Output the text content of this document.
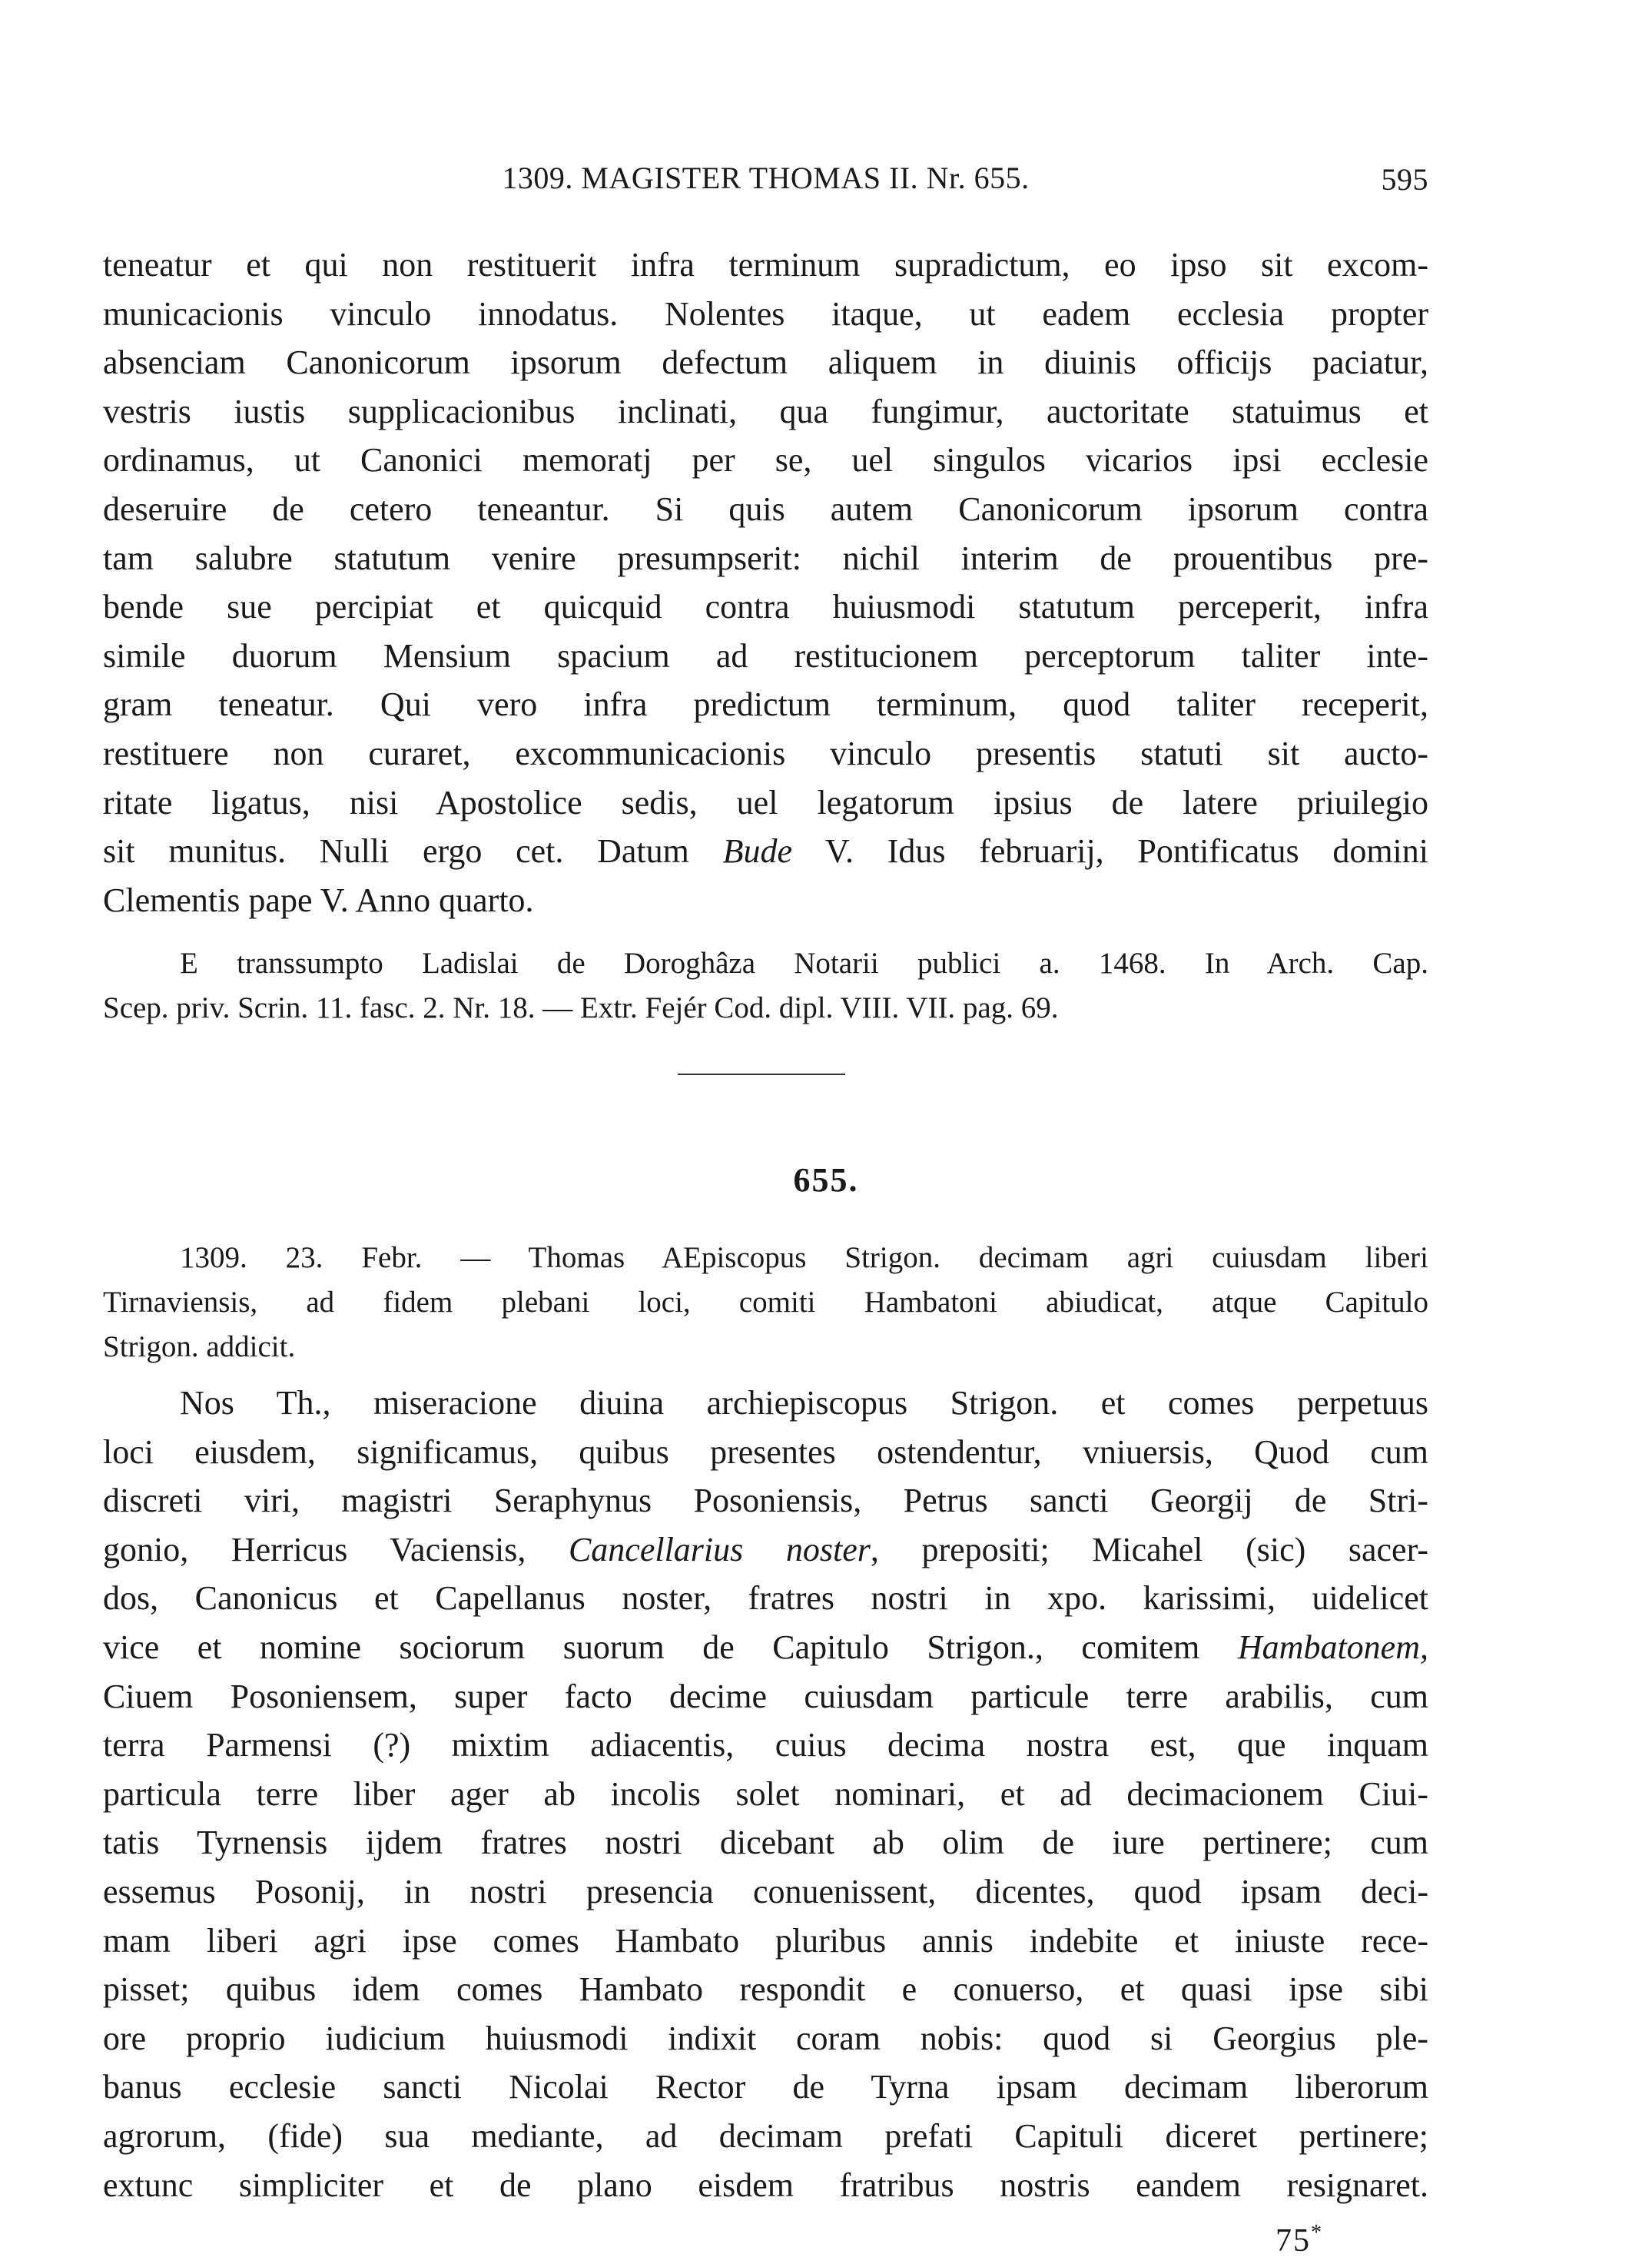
1309. MAGISTER THOMAS II. Nr. 655.	595
teneatur et qui non restituerit infra terminum supradictum, eo ipso sit excom-
municacionis vinculo innodatus. Nolentes itaque, ut eadem ecclesia propter
absenciam Canonicorum ipsorum defectum aliquem in diuinis officijs paciatur,
vestris iustis supplicacionibus inclinati, qua fungimur, auctoritate statuimus et
ordinamus, ut Canonici memoratj per se, uel singulos vicarios ipsi ecclesie
deseruire de cetero teneantur. Si quis autem Canonicorum ipsorum contra
tam salubre statutum venire presumpserit: nichil interim de prouentibus pre-
bende sue percipiat et quicquid contra huiusmodi statutum perceperit, infra
simile duorum Mensium spacium ad restitucionem perceptorum taliter inte-
gram teneatur. Qui vero infra predictum terminum, quod taliter receperit,
restituere non curaret, excommunicacionis vinculo presentis statuti sit aucto-
ritate ligatus, nisi Apostolice sedis, uel legatorum ipsius de latere priuilegio
sit munitus. Nulli ergo cet. Datum Bude V. Idus februarij, Pontificatus domini
Clementis pape V. Anno quarto.
E transsumpto Ladislai de Doroghâza Notarii publici a. 1468. In Arch. Cap.
Scep. priv. Scrin. 11. fasc. 2. Nr. 18. — Extr. Fejér Cod. dipl. VIII. VII. pag. 69.
655.
1309. 23. Febr. — Thomas AEpiscopus Strigon. decimam agri cuiusdam liberi
Tirnaviensis, ad fidem plebani loci, comiti Hambatoni abiudicat, atque Capitulo
Strigon. addicit.
Nos Th., miseracione diuina archiepiscopus Strigon. et comes perpetuus
loci eiusdem, significamus, quibus presentes ostendentur, vniuersis, Quod cum
discreti viri, magistri Seraphynus Posoniensis, Petrus sancti Georgij de Stri-
gonio, Herricus Vaciensis, Cancellarius noster, prepositi; Micahel (sic) sacer-
dos, Canonicus et Capellanus noster, fratres nostri in xpo. karissimi, uidelicet
vice et nomine sociorum suorum de Capitulo Strigon., comitem Hambatonem,
Ciuem Posoniensem, super facto decime cuiusdam particule terre arabilis, cum
terra Parmensi (?) mixtim adiacentis, cuius decima nostra est, que inquam
particula terre liber ager ab incolis solet nominari, et ad decimacionem Ciui-
tatis Tyrnensis ijdem fratres nostri dicebant ab olim de iure pertinere; cum
essemus Posonij, in nostri presencia conuenissent, dicentes, quod ipsam deci-
mam liberi agri ipse comes Hambato pluribus annis indebite et iniuste rece-
pisset; quibus idem comes Hambato respondit e conuerso, et quasi ipse sibi
ore proprio iudicium huiusmodi indixit coram nobis: quod si Georgius ple-
banus ecclesie sancti Nicolai Rector de Tyrna ipsam decimam liberorum
agrorum, (fide) sua mediante, ad decimam prefati Capituli diceret pertinere;
extunc simpliciter et de plano eisdem fratribus nostris eandem resignaret.
75*
